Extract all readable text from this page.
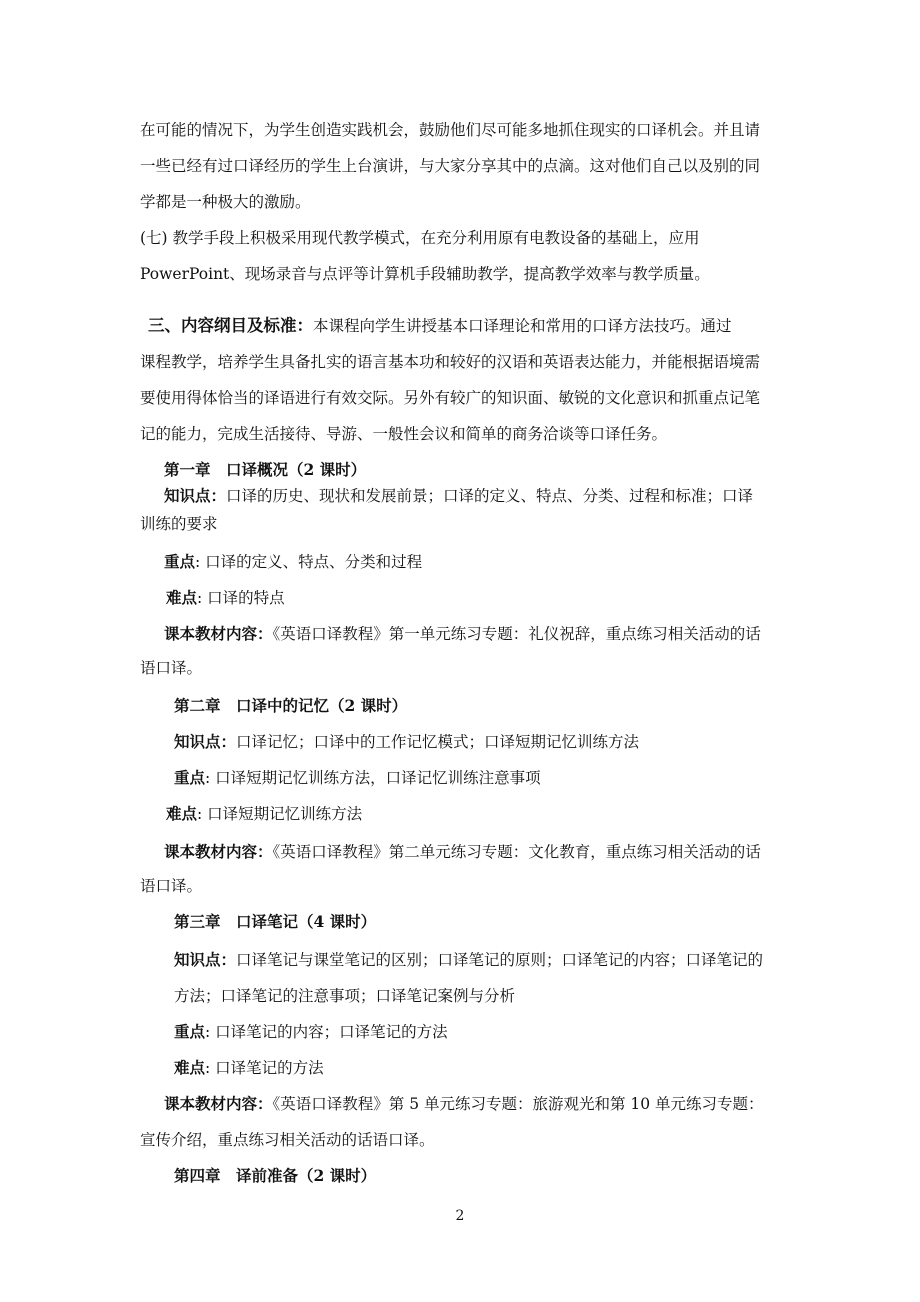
在可能的情况下，为学生创造实践机会，鼓励他们尽可能多地抓住现实的口译机会。并且请
一些已经有过口译经历的学生上台演讲，与大家分享其中的点滴。这对他们自己以及别的同
学都是一种极大的激励。
(七) 教学手段上积极采用现代教学模式，在充分利用原有电教设备的基础上，应用
PowerPoint、现场录音与点评等计算机手段辅助教学，提高教学效率与教学质量。
三、内容纲目及标准：本课程向学生讲授基本口译理论和常用的口译方法技巧。通过
课程教学，培养学生具备扎实的语言基本功和较好的汉语和英语表达能力，并能根据语境需
要使用得体恰当的译语进行有效交际。另外有较广的知识面、敏锐的文化意识和抓重点记笔
记的能力，完成生活接待、导游、一般性会议和简单的商务洽谈等口译任务。
第一章　口译概况（2 课时）
知识点：口译的历史、现状和发展前景；口译的定义、特点、分类、过程和标准；口译
训练的要求
重点: 口译的定义、特点、分类和过程
难点: 口译的特点
课本教材内容：《英语口译教程》第一单元练习专题：礼仪祝辞，重点练习相关活动的话
语口译。
第二章　口译中的记忆（2 课时）
知识点：口译记忆；口译中的工作记忆模式；口译短期记忆训练方法
重点: 口译短期记忆训练方法，口译记忆训练注意事项
难点: 口译短期记忆训练方法
课本教材内容：《英语口译教程》第二单元练习专题：文化教育，重点练习相关活动的话
语口译。
第三章　口译笔记（4 课时）
知识点：口译笔记与课堂笔记的区别；口译笔记的原则；口译笔记的内容；口译笔记的
方法；口译笔记的注意事项；口译笔记案例与分析
重点: 口译笔记的内容；口译笔记的方法
难点: 口译笔记的方法
课本教材内容：《英语口译教程》第 5 单元练习专题：旅游观光和第 10 单元练习专题：
宣传介绍，重点练习相关活动的话语口译。
第四章　译前准备（2 课时）
2
